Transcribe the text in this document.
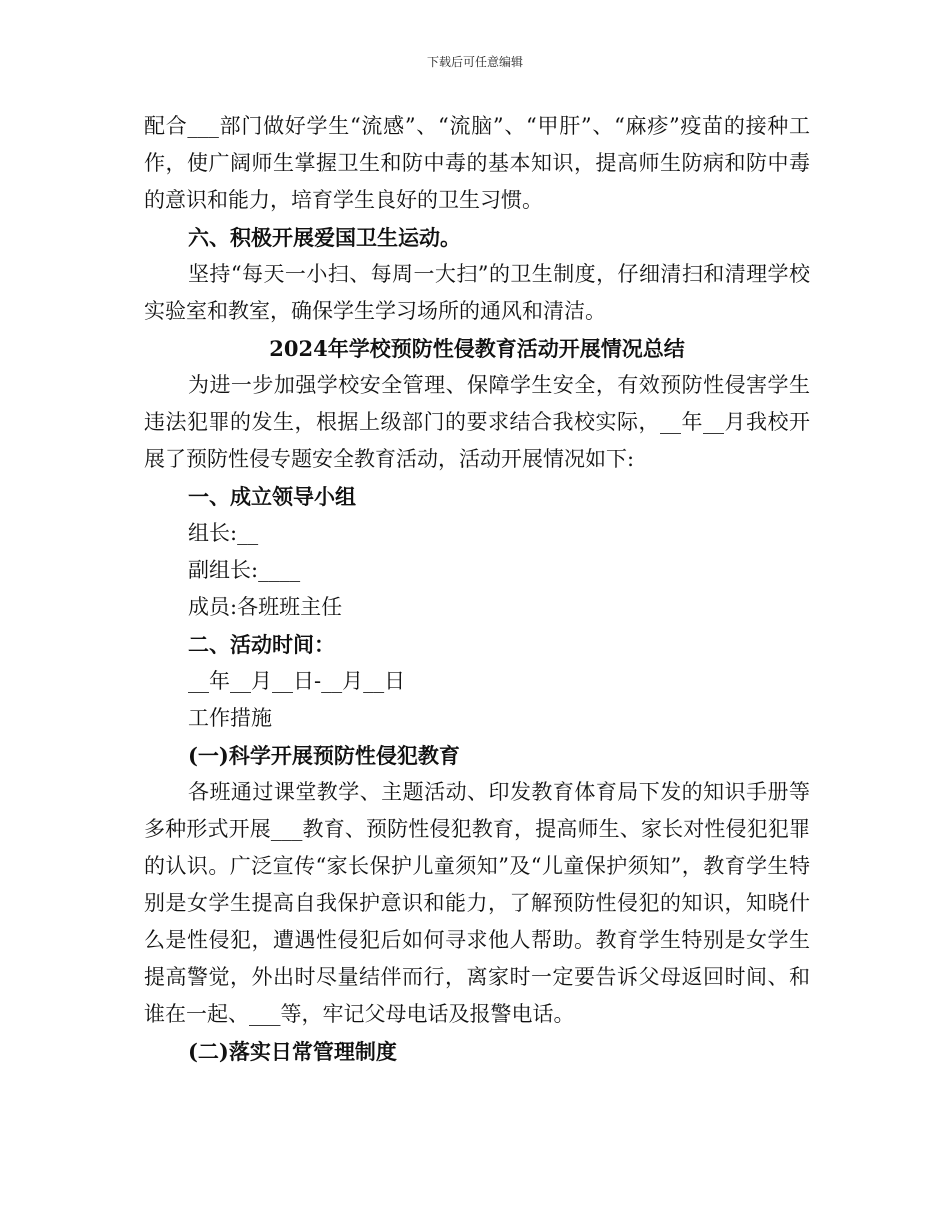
下载后可任意编辑

配合___部门做好学生“流感”、“流脑”、“甲肝”、“麻疹”疫苗的接种工作，使广阔师生掌握卫生和防中毒的基本知识，提高师生防病和防中毒的意识和能力，培育学生良好的卫生习惯。

六、积极开展爱国卫生运动。

坚持“每天一小扫、每周一大扫”的卫生制度，仔细清扫和清理学校实验室和教室，确保学生学习场所的通风和清洁。

2024年学校预防性侵教育活动开展情况总结

为进一步加强学校安全管理、保障学生安全，有效预防性侵害学生违法犯罪的发生，根据上级部门的要求结合我校实际，__年__月我校开展了预防性侵专题安全教育活动，活动开展情况如下:

一、成立领导小组

组长:__

副组长:____

成员:各班班主任

二、活动时间：

__年__月__日-__月__日

工作措施

(一)科学开展预防性侵犯教育

各班通过课堂教学、主题活动、印发教育体育局下发的知识手册等多种形式开展___教育、预防性侵犯教育，提高师生、家长对性侵犯犯罪的认识。广泛宣传“家长保护儿童须知”及“儿童保护须知”，教育学生特别是女学生提高自我保护意识和能力，了解预防性侵犯的知识，知晓什么是性侵犯，遭遇性侵犯后如何寻求他人帮助。教育学生特别是女学生提高警觉，外出时尽量结伴而行，离家时一定要告诉父母返回时间、和谁在一起、___等，牢记父母电话及报警电话。

(二)落实日常管理制度
